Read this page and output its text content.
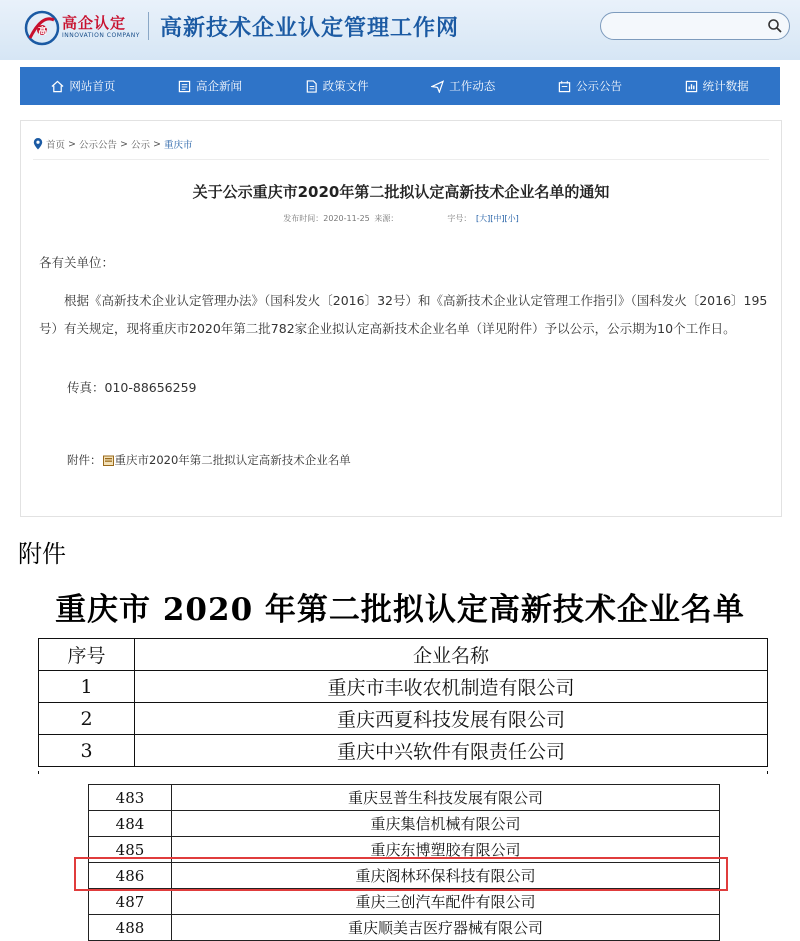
高 高企认定
INNOVATION COMPANY 高新技术企业认定管理工作网
网站首页	高企新闻	政策文件	工作动态	公示公告	统计数据
首页 > 公示公告 > 公示 > 重庆市
关于公示重庆市2020年第二批拟认定高新技术企业名单的通知
发布时间：2020-11-25 来源：	字号： [大][中][小]
各有关单位：
根据《高新技术企业认定管理办法》（国科发火〔2016〕32号）和《高新技术企业认定管理工作指引》（国科发火〔2016〕195号）有关规定，现将重庆市2020年第二批782家企业拟认定高新技术企业名单（详见附件）予以公示，公示期为10个工作日。
传真：010-88656259
附件： 重庆市2020年第二批拟认定高新技术企业名单
附件
重庆市 2020 年第二批拟认定高新技术企业名单
序号	企业名称
1	重庆市丰收农机制造有限公司
2	重庆西夏科技发展有限公司
3	重庆中兴软件有限责任公司
483	重庆昱普生科技发展有限公司
484	重庆集信机械有限公司
485	重庆东博塑胶有限公司
486	重庆阁林环保科技有限公司
487	重庆三创汽车配件有限公司
488	重庆顺美吉医疗器械有限公司
